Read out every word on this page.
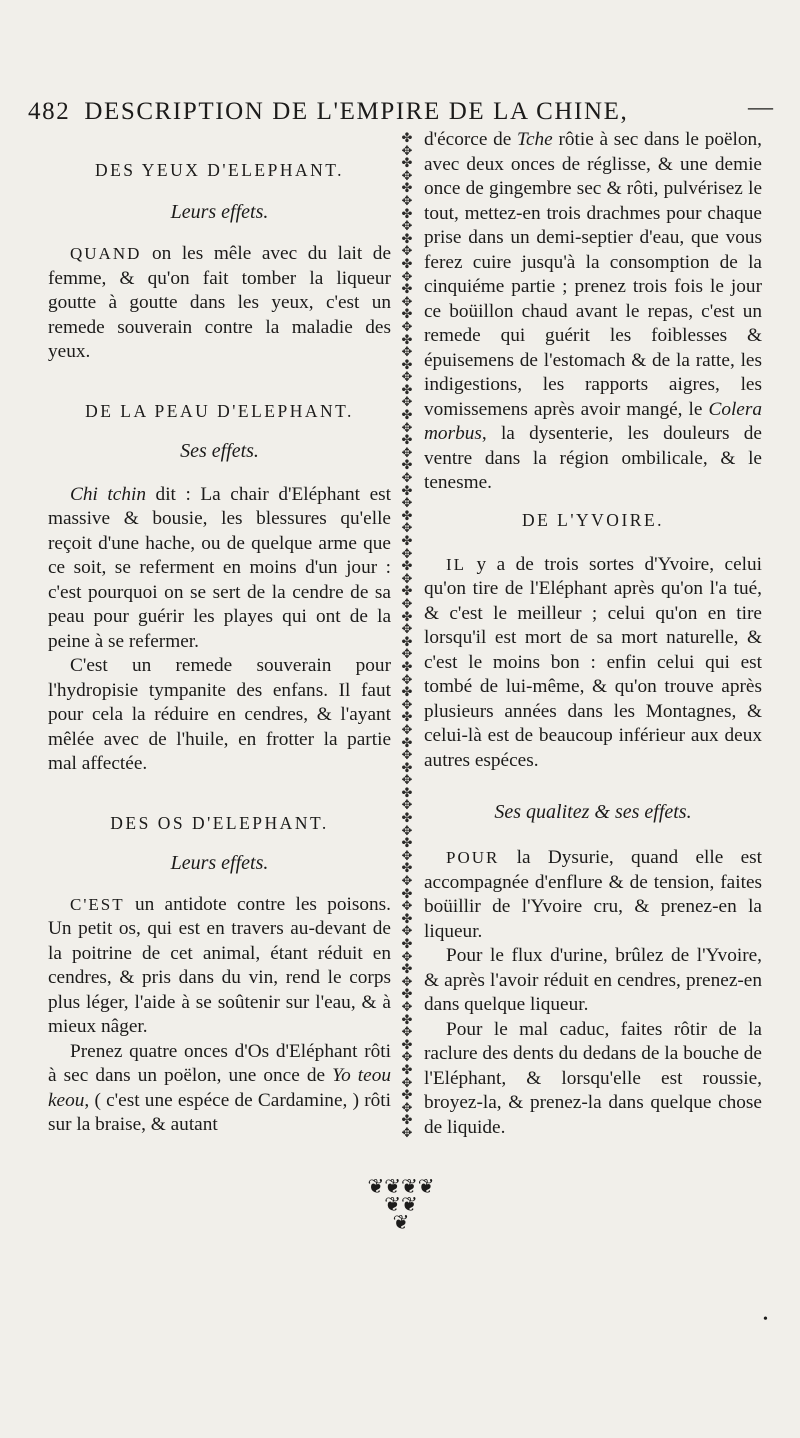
482 DESCRIPTION DE L'EMPIRE DE LA CHINE,	—

DES YEUX D'ELEPHANT.

Leurs effets.

QUAND on les mêle avec du lait de femme, & qu'on fait tomber la liqueur goutte à goutte dans les yeux, c'est un remede souverain contre la maladie des yeux.

DE LA PEAU D'ELEPHANT.

Ses effets.

Chi tchin dit : La chair d'Eléphant est massive & bousie, les blessures qu'elle reçoit d'une hache, ou de quelque arme que ce soit, se referment en moins d'un jour : c'est pourquoi on se sert de la cendre de sa peau pour guérir les playes qui ont de la peine à se refermer.

C'est un remede souverain pour l'hydropisie tympanite des enfans. Il faut pour cela la réduire en cendres, & l'ayant mêlée avec de l'huile, en frotter la partie mal affectée.

DES OS D'ELEPHANT.

Leurs effets.

C'EST un antidote contre les poisons. Un petit os, qui est en travers au-devant de la poitrine de cet animal, étant réduit en cendres, & pris dans du vin, rend le corps plus léger, l'aide à se soûtenir sur l'eau, & à mieux nâger.

Prenez quatre onces d'Os d'Eléphant rôti à sec dans un poëlon, une once de Yo teou keou, ( c'est une espéce de Cardamine, ) rôti sur la braise, & autant

✤
✥
✤
✥
✤
✥
✤
✥
✤
✥
✤
✥
✤
✥
✤
✥
✤
✥
✤
✥
✤
✥
✤
✥
✤
✥
✤
✥
✤
✥
✤
✥
✤
✥
✤
✥
✤
✥
✤
✥
✤
✥
✤
✥
✤
✥
✤
✥
✤
✥
✤
✥
✤
✥
✤
✥
✤
✥
✤
✥
✤
✥
✤
✥
✤
✥
✤
✥
✤
✥
✤
✥
✤
✥
✤
✥
✤
✥
✤
✥

d'écorce de Tche rôtie à sec dans le poëlon, avec deux onces de réglisse, & une demie once de gingembre sec & rôti, pulvérisez le tout, mettez-en trois drachmes pour chaque prise dans un demi-septier d'eau, que vous ferez cuire jusqu'à la consomption de la cinquiéme partie ; prenez trois fois le jour ce boüillon chaud avant le repas, c'est un remede qui guérit les foiblesses & épuisemens de l'estomach & de la ratte, les indigestions, les rapports aigres, les vomissemens après avoir mangé, le Colera morbus, la dysenterie, les douleurs de ventre dans la région ombilicale, & le tenesme.

DE L'YVOIRE.

IL y a de trois sortes d'Yvoire, celui qu'on tire de l'Eléphant après qu'on l'a tué, & c'est le meilleur ; celui qu'on en tire lorsqu'il est mort de sa mort naturelle, & c'est le moins bon : enfin celui qui est tombé de lui-même, & qu'on trouve après plusieurs années dans les Montagnes, & celui-là est de beaucoup inférieur aux deux autres espéces.

Ses qualitez & ses effets.

POUR la Dysurie, quand elle est accompagnée d'enflure & de tension, faites boüillir de l'Yvoire cru, & prenez-en la liqueur.

Pour le flux d'urine, brûlez de l'Yvoire, & après l'avoir réduit en cendres, prenez-en dans quelque liqueur.

Pour le mal caduc, faites rôtir de la raclure des dents du dedans de la bouche de l'Eléphant, & lorsqu'elle est roussie, broyez-la, & prenez-la dans quelque chose de liquide.

❦❦❦❦
❦❦
❦
•
